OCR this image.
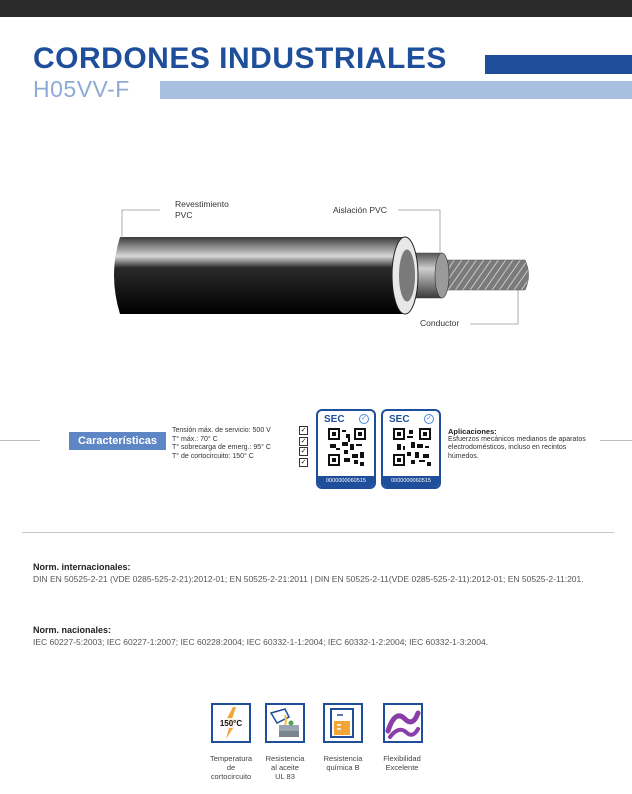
CORDONES INDUSTRIALES
H05VV-F
Revestimiento
PVC	Aislación PVC
Conductor
Características
Tensión máx. de servicio: 500 V
T° máx.: 70° C
T° sobrecarga de emerg.: 95° C
T° de cortocircuito: 150° C
✓
✓
✓
✓
SEC ✓
0000000060515
SEC ✓
0000000060515
Aplicaciones:
Esfuerzos mecánicos medianos de aparatos electrodomésticos, incluso en recintos húmedos.
Norm. internacionales:
DIN EN 50525-2-21 (VDE 0285-525-2-21):2012-01; EN 50525-2-21:2011 | DIN EN 50525-2-11(VDE 0285-525-2-11):2012-01; EN 50525-2-11:201.
Norm. nacionales:
IEC 60227-5:2003; IEC 60227-1:2007; IEC 60228:2004; IEC 60332-1-1:2004; IEC 60332-1-2:2004; IEC 60332-1-3:2004.
150°C
Temperatura
de
cortocircuito
Resistencia
al aceite
UL 83
Resistencia
química B
Flexibilidad
Excelente
